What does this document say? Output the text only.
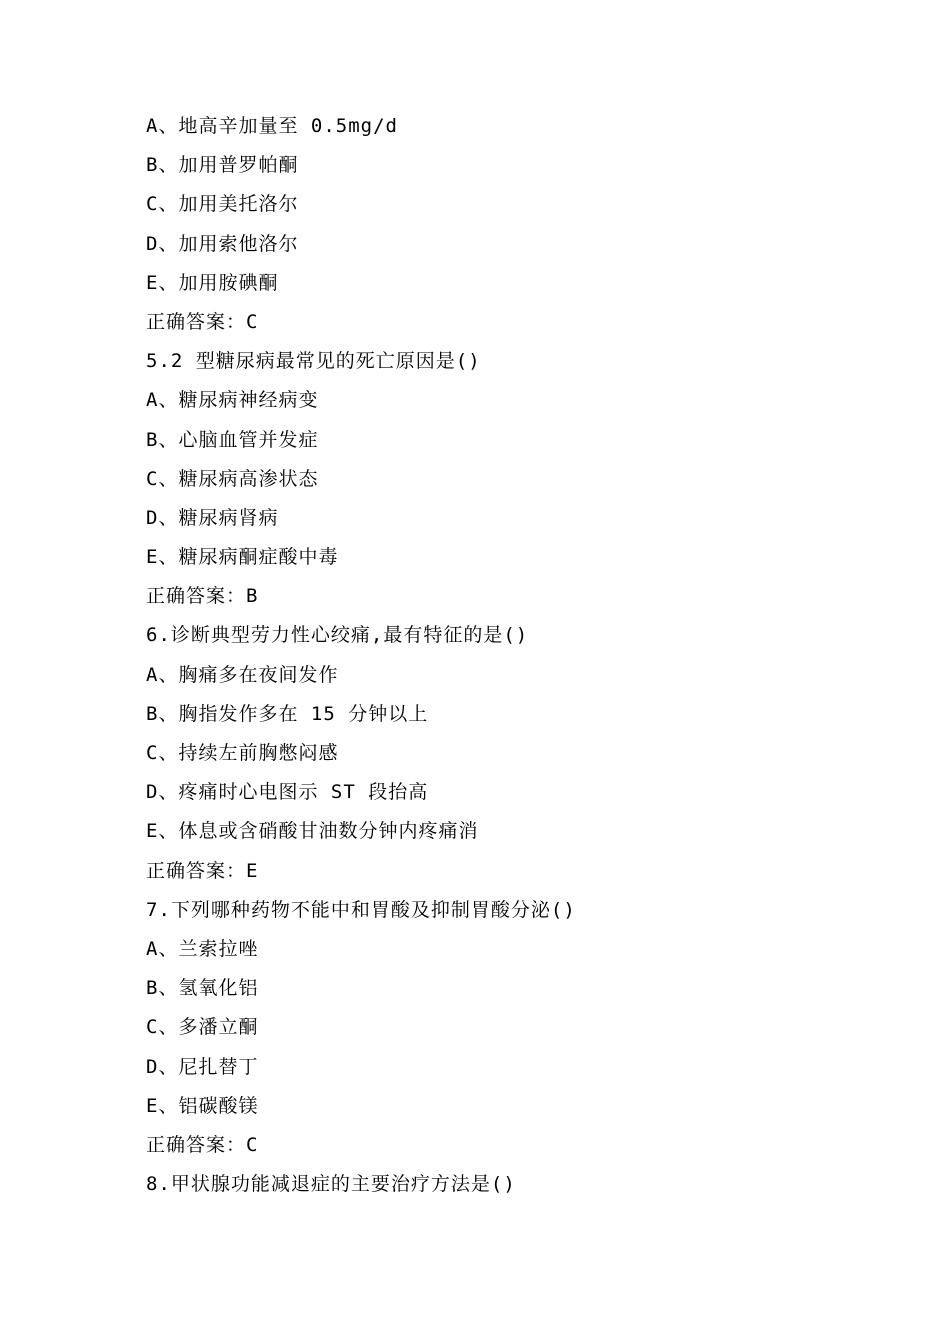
A、地高辛加量至 0.5mg/d
B、加用普罗帕酮
C、加用美托洛尔
D、加用索他洛尔
E、加用胺碘酮
正确答案：C
5.2 型糖尿病最常见的死亡原因是()
A、糖尿病神经病变
B、心脑血管并发症
C、糖尿病高渗状态
D、糖尿病肾病
E、糖尿病酮症酸中毒
正确答案：B
6.诊断典型劳力性心绞痛,最有特征的是()
A、胸痛多在夜间发作
B、胸指发作多在 15 分钟以上
C、持续左前胸憋闷感
D、疼痛时心电图示 ST 段抬高
E、体息或含硝酸甘油数分钟内疼痛消
正确答案：E
7.下列哪种药物不能中和胃酸及抑制胃酸分泌()
A、兰索拉唑
B、氢氧化铝
C、多潘立酮
D、尼扎替丁
E、铝碳酸镁
正确答案：C
8.甲状腺功能减退症的主要治疗方法是()
